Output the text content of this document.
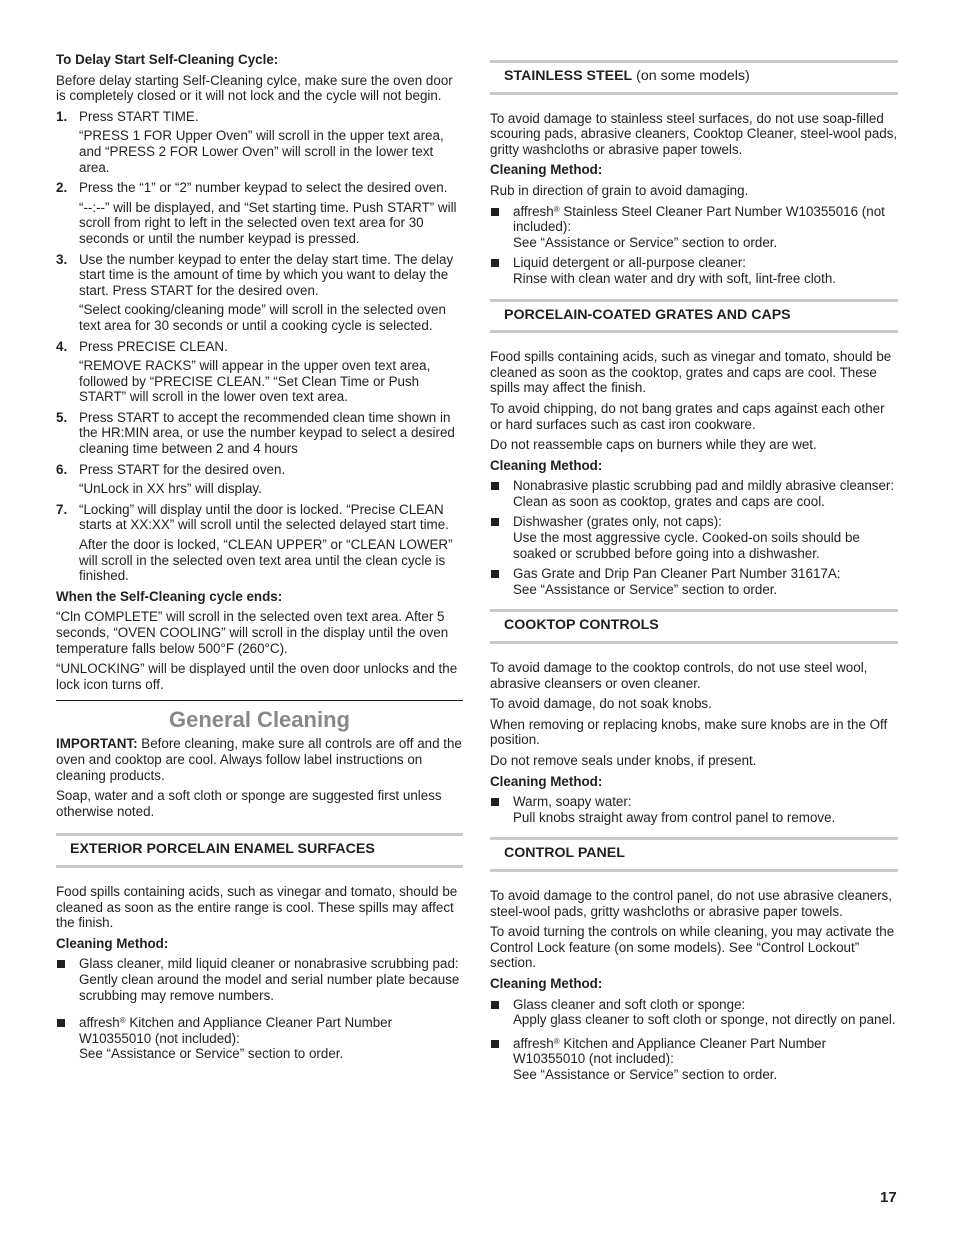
To Delay Start Self-Cleaning Cycle:

Before delay starting Self-Cleaning cylce, make sure the oven door is completely closed or it will not lock and the cycle will not begin.

1. Press START TIME.

“PRESS 1 FOR Upper Oven” will scroll in the upper text area, and “PRESS 2 FOR Lower Oven” will scroll in the lower text area.

2. Press the “1” or “2” number keypad to select the desired oven.

“--:--” will be displayed, and “Set starting time. Push START” will scroll from right to left in the selected oven text area for 30 seconds or until the number keypad is pressed.

3. Use the number keypad to enter the delay start time. The delay start time is the amount of time by which you want to delay the start. Press START for the desired oven.

“Select cooking/cleaning mode” will scroll in the selected oven text area for 30 seconds or until a cooking cycle is selected.

4. Press PRECISE CLEAN.

“REMOVE RACKS” will appear in the upper oven text area, followed by “PRECISE CLEAN.” “Set Clean Time or Push START” will scroll in the lower oven text area.

5. Press START to accept the recommended clean time shown in the HR:MIN area, or use the number keypad to select a desired cleaning time between 2 and 4 hours

6. Press START for the desired oven.

“UnLock in XX hrs” will display.

7. “Locking” will display until the door is locked. “Precise CLEAN starts at XX:XX” will scroll until the selected delayed start time.

After the door is locked, “CLEAN UPPER” or “CLEAN LOWER” will scroll in the selected oven text area until the clean cycle is finished.

When the Self-Cleaning cycle ends:

“Cln COMPLETE” will scroll in the selected oven text area. After 5 seconds, “OVEN COOLING” will scroll in the display until the oven temperature falls below 500°F (260°C).

“UNLOCKING” will be displayed until the oven door unlocks and the lock icon turns off.

General Cleaning

IMPORTANT: Before cleaning, make sure all controls are off and the oven and cooktop are cool. Always follow label instructions on cleaning products.

Soap, water and a soft cloth or sponge are suggested first unless otherwise noted.

EXTERIOR PORCELAIN ENAMEL SURFACES

Food spills containing acids, such as vinegar and tomato, should be cleaned as soon as the entire range is cool. These spills may affect the finish.

Cleaning Method:

Glass cleaner, mild liquid cleaner or nonabrasive scrubbing pad:
Gently clean around the model and serial number plate because scrubbing may remove numbers.
affresh® Kitchen and Appliance Cleaner Part Number W10355010 (not included):
See “Assistance or Service” section to order.
STAINLESS STEEL (on some models)

To avoid damage to stainless steel surfaces, do not use soap-filled scouring pads, abrasive cleaners, Cooktop Cleaner, steel-wool pads, gritty washcloths or abrasive paper towels.

Cleaning Method:

Rub in direction of grain to avoid damaging.

affresh® Stainless Steel Cleaner Part Number W10355016 (not included):
See “Assistance or Service” section to order.
Liquid detergent or all-purpose cleaner:
Rinse with clean water and dry with soft, lint-free cloth.
PORCELAIN-COATED GRATES AND CAPS

Food spills containing acids, such as vinegar and tomato, should be cleaned as soon as the cooktop, grates and caps are cool. These spills may affect the finish.

To avoid chipping, do not bang grates and caps against each other or hard surfaces such as cast iron cookware.

Do not reassemble caps on burners while they are wet.

Cleaning Method:

Nonabrasive plastic scrubbing pad and mildly abrasive cleanser:
Clean as soon as cooktop, grates and caps are cool.
Dishwasher (grates only, not caps):
Use the most aggressive cycle. Cooked-on soils should be soaked or scrubbed before going into a dishwasher.
Gas Grate and Drip Pan Cleaner Part Number 31617A:
See “Assistance or Service” section to order.
COOKTOP CONTROLS

To avoid damage to the cooktop controls, do not use steel wool, abrasive cleansers or oven cleaner.

To avoid damage, do not soak knobs.

When removing or replacing knobs, make sure knobs are in the Off position.

Do not remove seals under knobs, if present.

Cleaning Method:

Warm, soapy water:
Pull knobs straight away from control panel to remove.
CONTROL PANEL

To avoid damage to the control panel, do not use abrasive cleaners, steel-wool pads, gritty washcloths or abrasive paper towels.

To avoid turning the controls on while cleaning, you may activate the Control Lock feature (on some models). See “Control Lockout” section.

Cleaning Method:

Glass cleaner and soft cloth or sponge:
Apply glass cleaner to soft cloth or sponge, not directly on panel.
affresh® Kitchen and Appliance Cleaner Part Number W10355010 (not included):
See “Assistance or Service” section to order.
17
